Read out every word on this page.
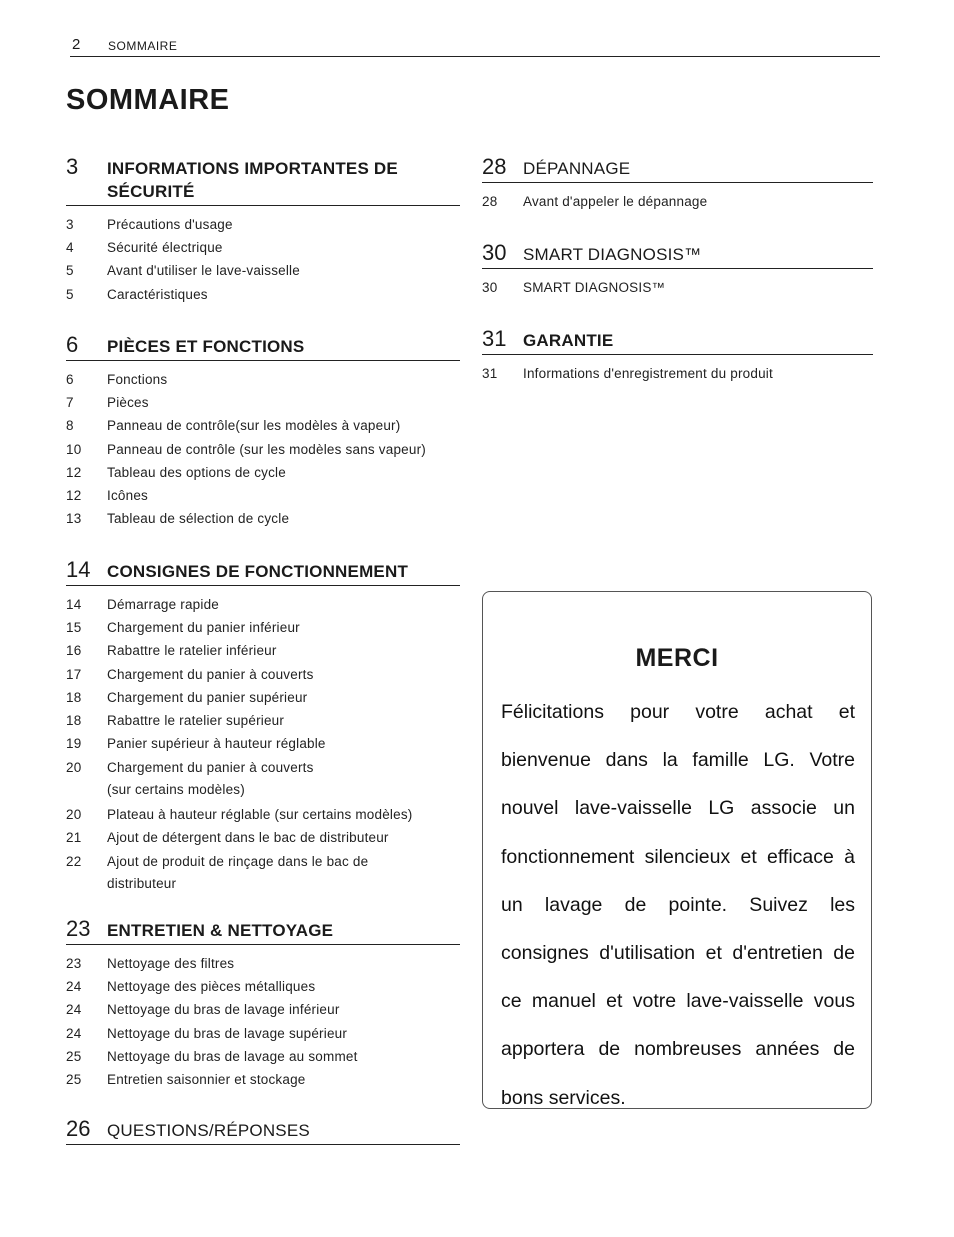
2 SOMMAIRE
SOMMAIRE
3 INFORMATIONS IMPORTANTES DE SÉCURITÉ
3 Précautions d'usage
4 Sécurité électrique
5 Avant d'utiliser le lave-vaisselle
5 Caractéristiques
6 PIÈCES ET FONCTIONS
6 Fonctions
7 Pièces
8 Panneau de contrôle(sur les modèles à vapeur)
10 Panneau de contrôle (sur les modèles sans vapeur)
12 Tableau des options de cycle
12 Icônes
13 Tableau de sélection de cycle
14 CONSIGNES DE FONCTIONNEMENT
14 Démarrage rapide
15 Chargement du panier inférieur
16 Rabattre le ratelier inférieur
17 Chargement du panier à couverts
18 Chargement du panier supérieur
18 Rabattre le ratelier supérieur
19 Panier supérieur à hauteur réglable
20 Chargement du panier à couverts
(sur certains modèles)
20 Plateau à hauteur réglable (sur certains modèles)
21 Ajout de détergent dans le bac de distributeur
22 Ajout de produit de rinçage dans le bac de
distributeur
23 ENTRETIEN & NETTOYAGE
23 Nettoyage des filtres
24 Nettoyage des pièces métalliques
24 Nettoyage du bras de lavage inférieur
24 Nettoyage du bras de lavage supérieur
25 Nettoyage du bras de lavage au sommet
25 Entretien saisonnier et stockage
26 QUESTIONS/RÉPONSES
28 DÉPANNAGE
28 Avant d'appeler le dépannage
30 SMART DIAGNOSIS™
30 SMART DIAGNOSIS™
31 GARANTIE
31 Informations d'enregistrement du produit
MERCI

Félicitations pour votre achat et bienvenue dans la famille LG. Votre nouvel lave-vaisselle LG associe un fonctionnement silencieux et efficace à un lavage de pointe. Suivez les consignes d'utilisation et d'entretien de ce manuel et votre lave-vaisselle vous apportera de nombreuses années de bons services.
